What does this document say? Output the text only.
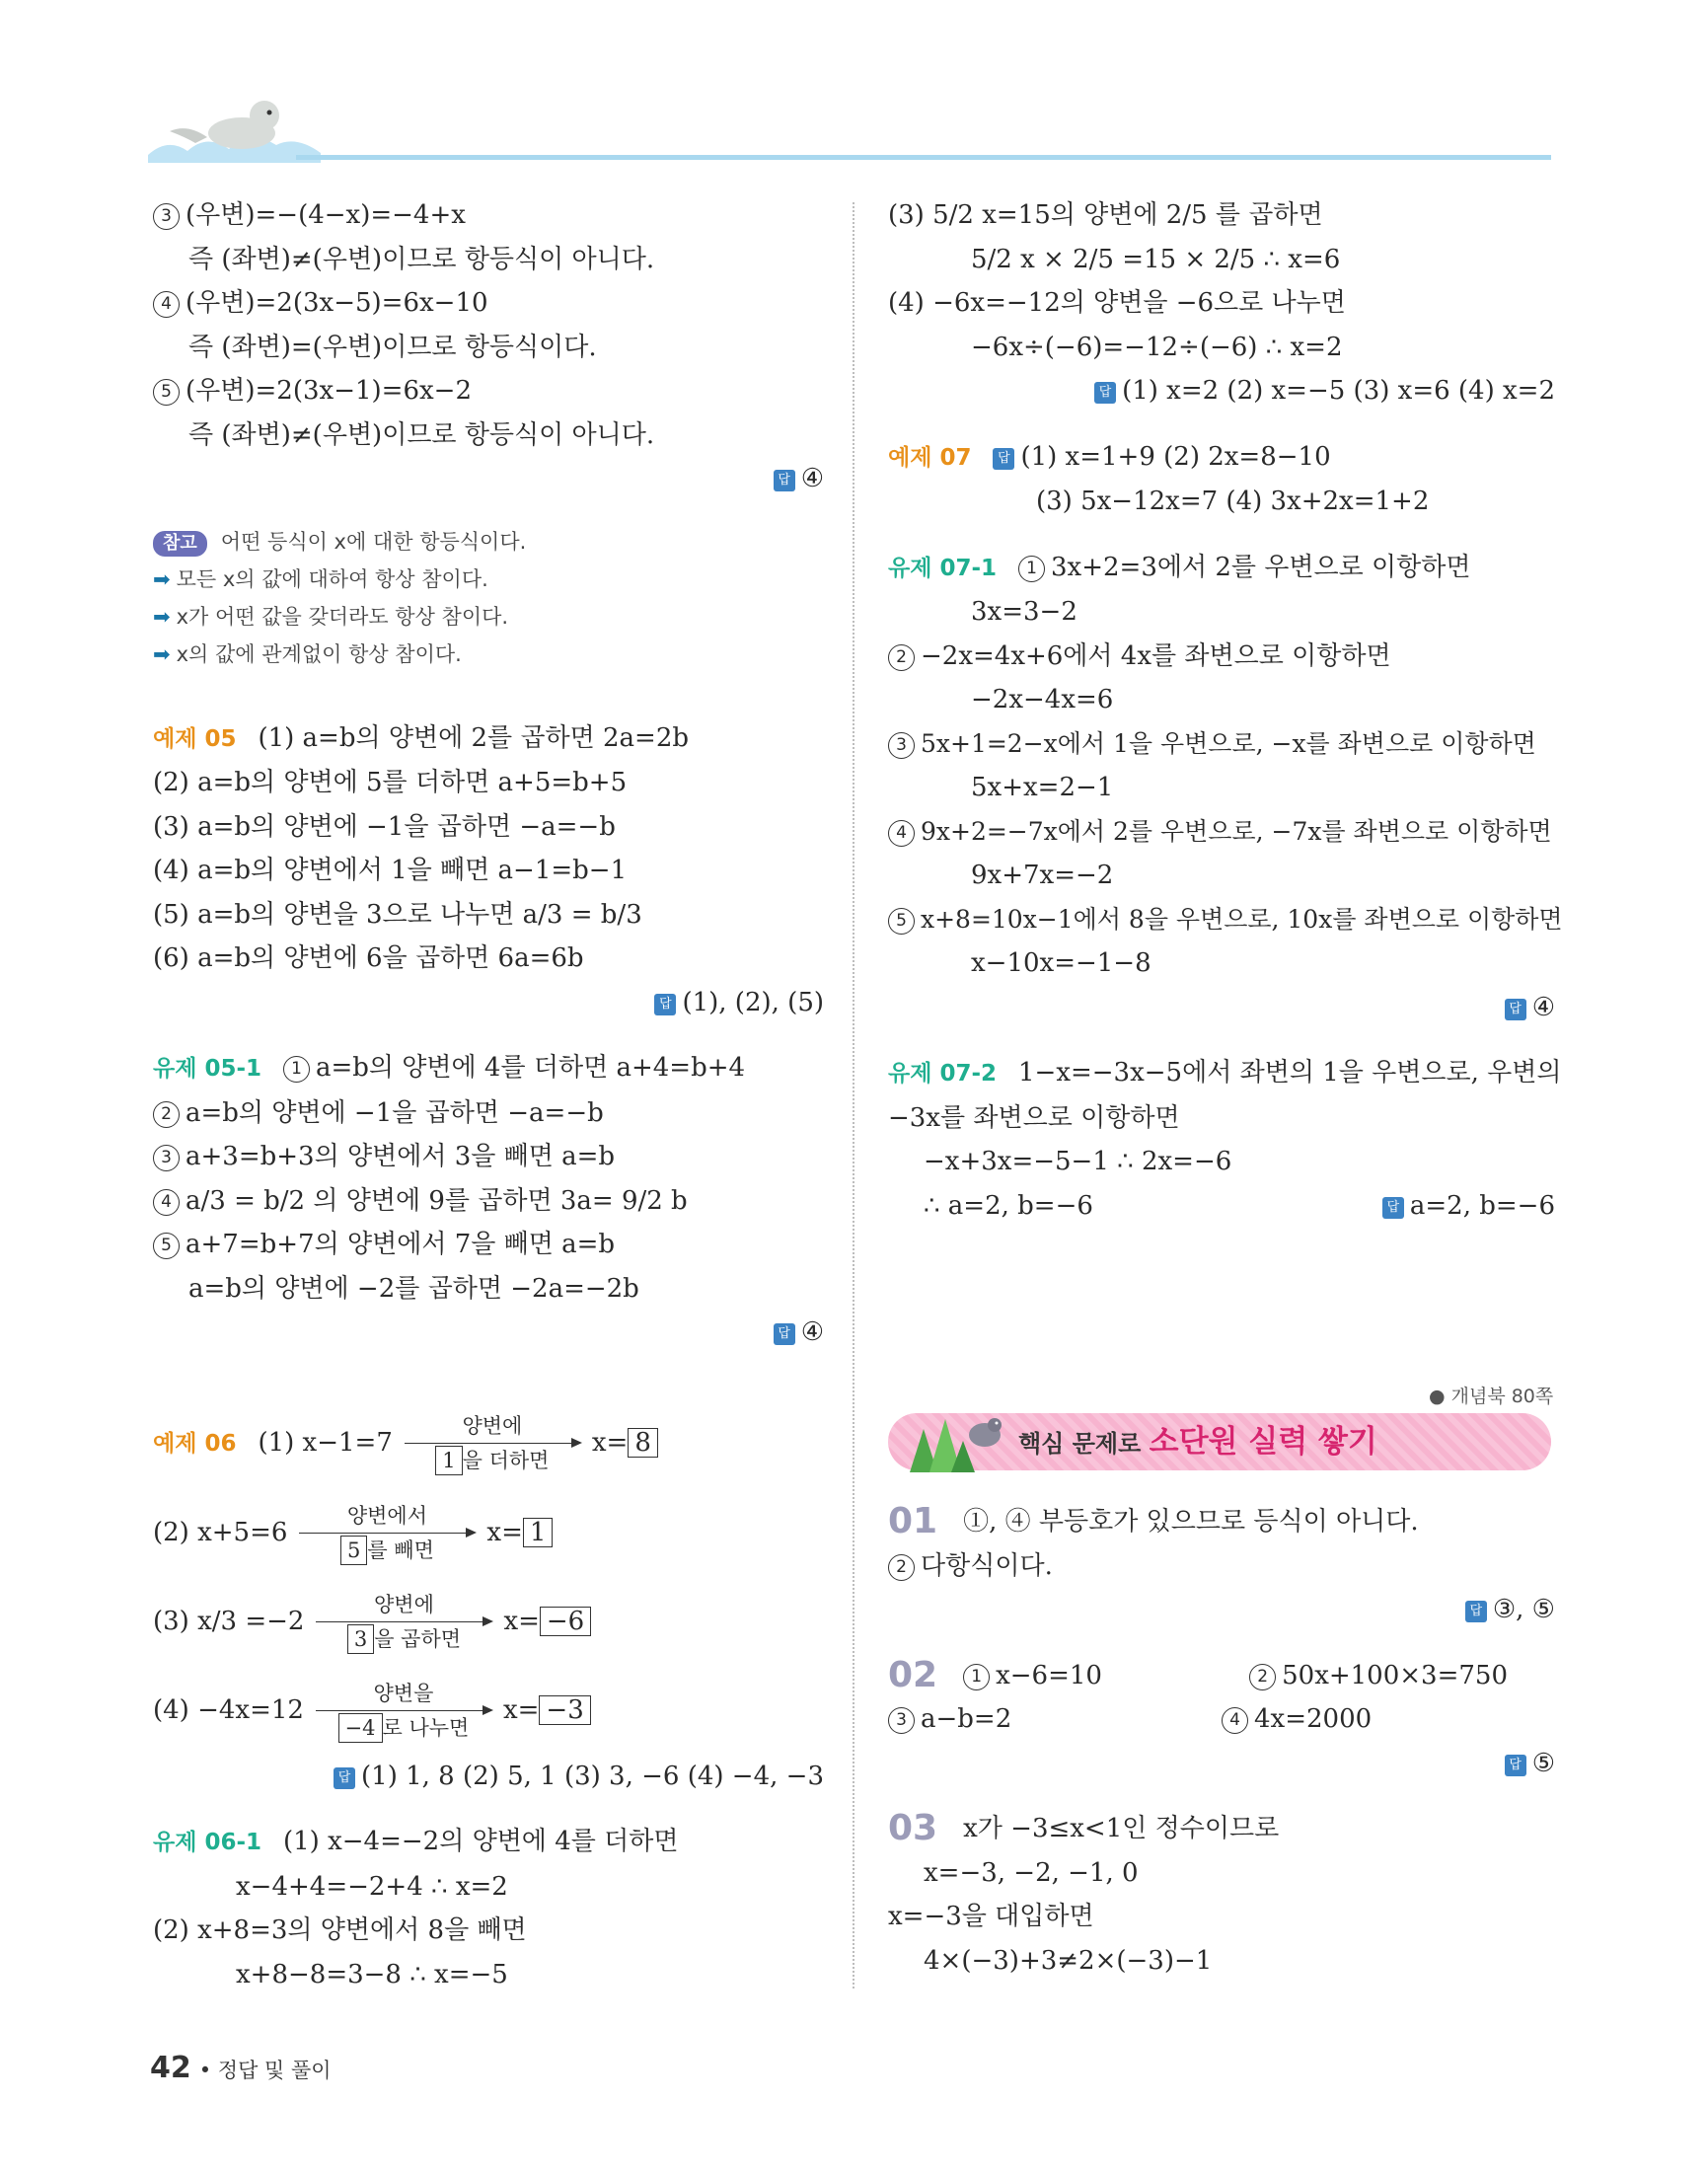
3 (우변)=−(4−x)=−4+x
즉 (좌변)≠(우변)이므로 항등식이 아니다.
4 (우변)=2(3x−5)=6x−10
즉 (좌변)=(우변)이므로 항등식이다.
5 (우변)=2(3x−1)=6x−2
즉 (좌변)≠(우변)이므로 항등식이 아니다.
답 ④
참고 어떤 등식이 x에 대한 항등식이다.
➡ 모든 x의 값에 대하여 항상 참이다.
➡ x가 어떤 값을 갖더라도 항상 참이다.
➡ x의 값에 관계없이 항상 참이다.
예제 05 (1) a=b의 양변에 2를 곱하면 2a=2b
(2) a=b의 양변에 5를 더하면 a+5=b+5
(3) a=b의 양변에 −1을 곱하면 −a=−b
(4) a=b의 양변에서 1을 빼면 a−1=b−1
(5) a=b의 양변을 3으로 나누면 a/3 = b/3
(6) a=b의 양변에 6을 곱하면 6a=6b
답 (1), (2), (5)
유제 05-1 1 a=b의 양변에 4를 더하면 a+4=b+4
2 a=b의 양변에 −1을 곱하면 −a=−b
3 a+3=b+3의 양변에서 3을 빼면 a=b
4 a/3 = b/2 의 양변에 9를 곱하면 3a= 9/2 b
5 a+7=b+7의 양변에서 7을 빼면 a=b
a=b의 양변에 −2를 곱하면 −2a=−2b
답 ④
예제 06 (1) x−1=7
양변에
1 을 더하면
x= 8
(2) x+5=6
양변에서
5 를 빼면
x= 1
(3) x/3 =−2
양변에
3 을 곱하면
x= −6
(4) −4x=12
양변을
−4 로 나누면
x= −3
답 (1) 1, 8 (2) 5, 1 (3) 3, −6 (4) −4, −3
유제 06-1 (1) x−4=−2의 양변에 4를 더하면
x−4+4=−2+4 ∴ x=2
(2) x+8=3의 양변에서 8을 빼면
x+8−8=3−8 ∴ x=−5
(3) 5/2 x=15의 양변에 2/5 를 곱하면
5/2 x × 2/5 =15 × 2/5 ∴ x=6
(4) −6x=−12의 양변을 −6으로 나누면
−6x÷(−6)=−12÷(−6) ∴ x=2
답 (1) x=2 (2) x=−5 (3) x=6 (4) x=2
예제 07 답 (1) x=1+9 (2) 2x=8−10
(3) 5x−12x=7 (4) 3x+2x=1+2
유제 07-1 1 3x+2=3에서 2를 우변으로 이항하면
3x=3−2
2 −2x=4x+6에서 4x를 좌변으로 이항하면
−2x−4x=6
3 5x+1=2−x에서 1을 우변으로, −x를 좌변으로 이항하면
5x+x=2−1
4 9x+2=−7x에서 2를 우변으로, −7x를 좌변으로 이항하면
9x+7x=−2
5 x+8=10x−1에서 8을 우변으로, 10x를 좌변으로 이항하면
x−10x=−1−8
답 ④
유제 07-2 1−x=−3x−5에서 좌변의 1을 우변으로, 우변의
−3x를 좌변으로 이항하면
−x+3x=−5−1 ∴ 2x=−6
∴ a=2, b=−6	답 a=2, b=−6
● 개념북 80쪽
핵심 문제로 소단원 실력 쌓기
01 ①, ④ 부등호가 있으므로 등식이 아니다.
2 다항식이다.
답 ③, ⑤
02 1 x−6=10	2 50x+100×3=750
3 a−b=2	4 4x=2000
답 ⑤
03 x가 −3≤x<1인 정수이므로
x=−3, −2, −1, 0
x=−3을 대입하면
4×(−3)+3≠2×(−3)−1
42 • 정답 및 풀이
